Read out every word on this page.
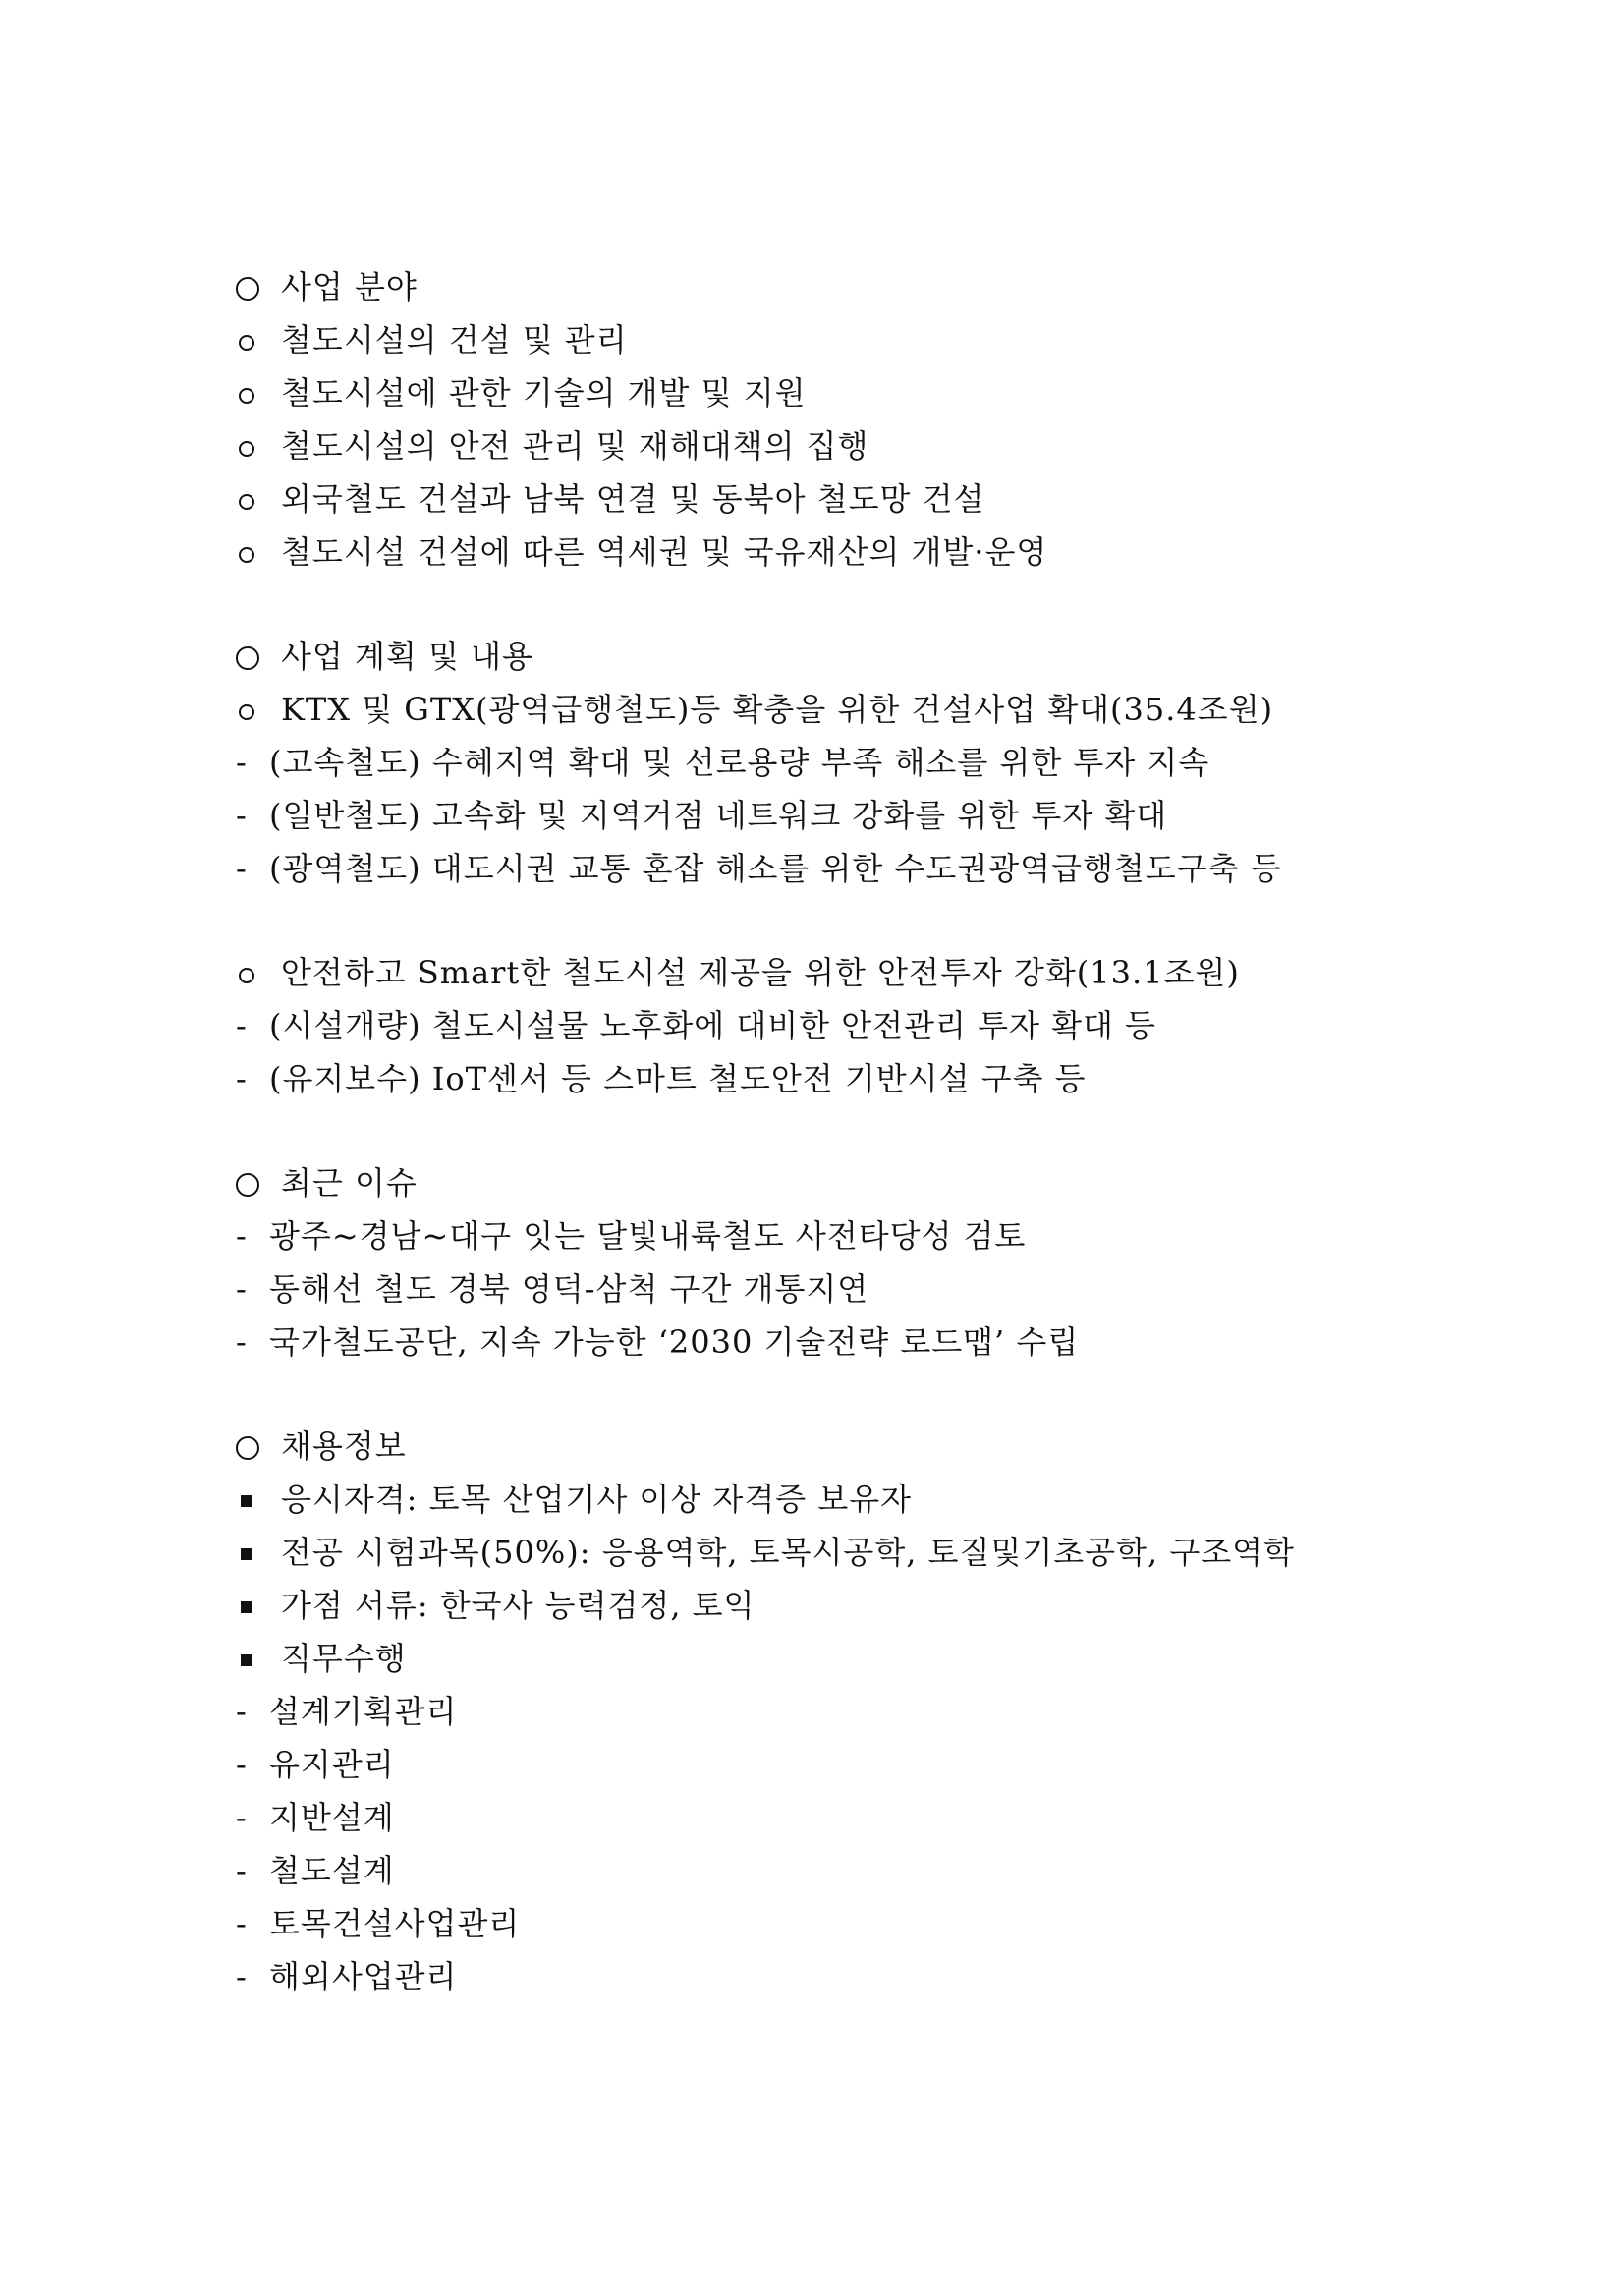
사업 분야
철도시설의 건설 및 관리
철도시설에 관한 기술의 개발 및 지원
철도시설의 안전 관리 및 재해대책의 집행
외국철도 건설과 남북 연결 및 동북아 철도망 건설
철도시설 건설에 따른 역세권 및 국유재산의 개발·운영
사업 계획 및 내용
KTX 및 GTX(광역급행철도)등 확충을 위한 건설사업 확대(35.4조원)
- (고속철도) 수혜지역 확대 및 선로용량 부족 해소를 위한 투자 지속
- (일반철도) 고속화 및 지역거점 네트워크 강화를 위한 투자 확대
- (광역철도) 대도시권 교통 혼잡 해소를 위한 수도권광역급행철도구축 등
안전하고 Smart한 철도시설 제공을 위한 안전투자 강화(13.1조원)
- (시설개량) 철도시설물 노후화에 대비한 안전관리 투자 확대 등
- (유지보수) IoT센서 등 스마트 철도안전 기반시설 구축 등
최근 이슈
- 광주~경남~대구 잇는 달빛내륙철도 사전타당성 검토
- 동해선 철도 경북 영덕-삼척 구간 개통지연
- 국가철도공단, 지속 가능한 ‘2030 기술전략 로드맵’ 수립
채용정보
응시자격: 토목 산업기사 이상 자격증 보유자
전공 시험과목(50%): 응용역학, 토목시공학, 토질및기초공학, 구조역학
가점 서류: 한국사 능력검정, 토익
직무수행
- 설계기획관리
- 유지관리
- 지반설계
- 철도설계
- 토목건설사업관리
- 해외사업관리
